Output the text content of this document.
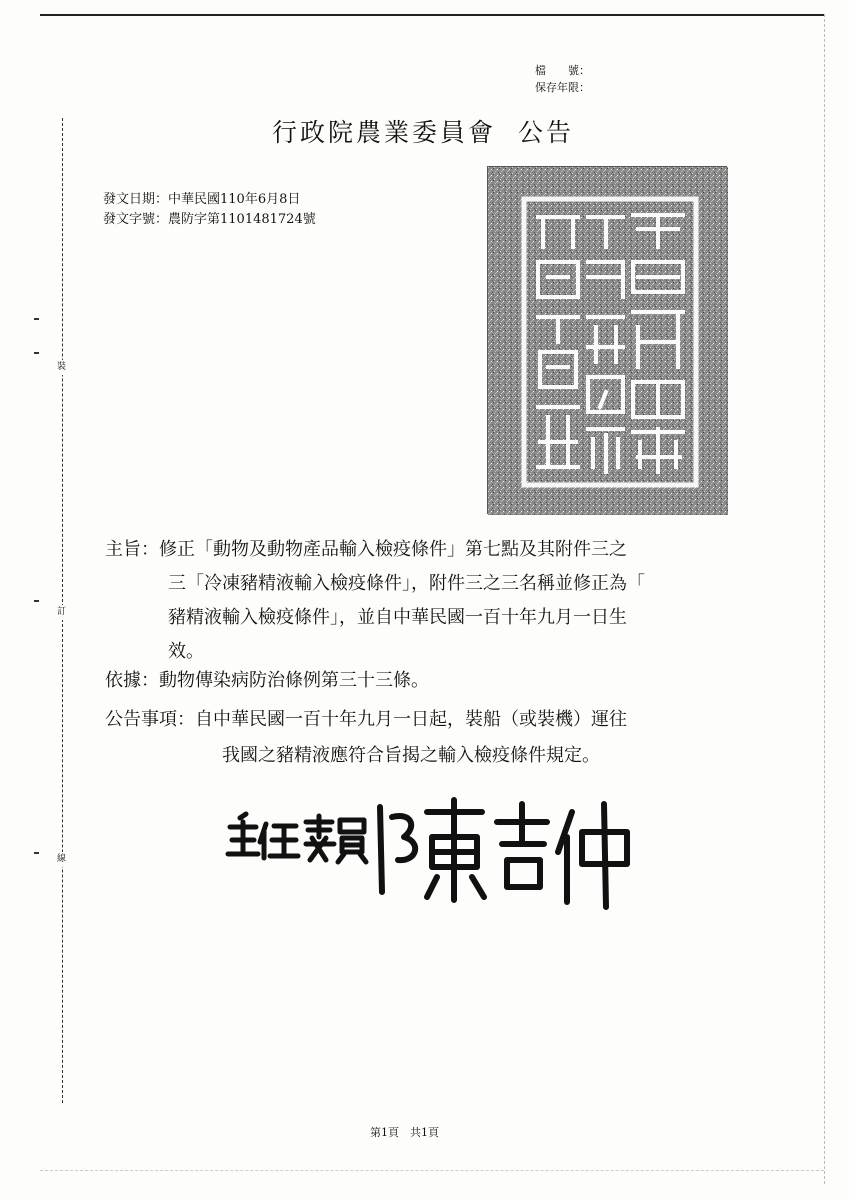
裝
訂
線
檔　　號：
保存年限：
行政院農業委員會 公告
發文日期：中華民國110年6月8日
發文字號：農防字第1101481724號
主旨：修正「動物及動物產品輸入檢疫條件」第七點及其附件三之
三「冷凍豬精液輸入檢疫條件」，附件三之三名稱並修正為「
豬精液輸入檢疫條件」，並自中華民國一百十年九月一日生
效。
依據：動物傳染病防治條例第三十三條。
公告事項：自中華民國一百十年九月一日起，裝船（或裝機）運往
我國之豬精液應符合旨揭之輸入檢疫條件規定。
第1頁　共1頁
